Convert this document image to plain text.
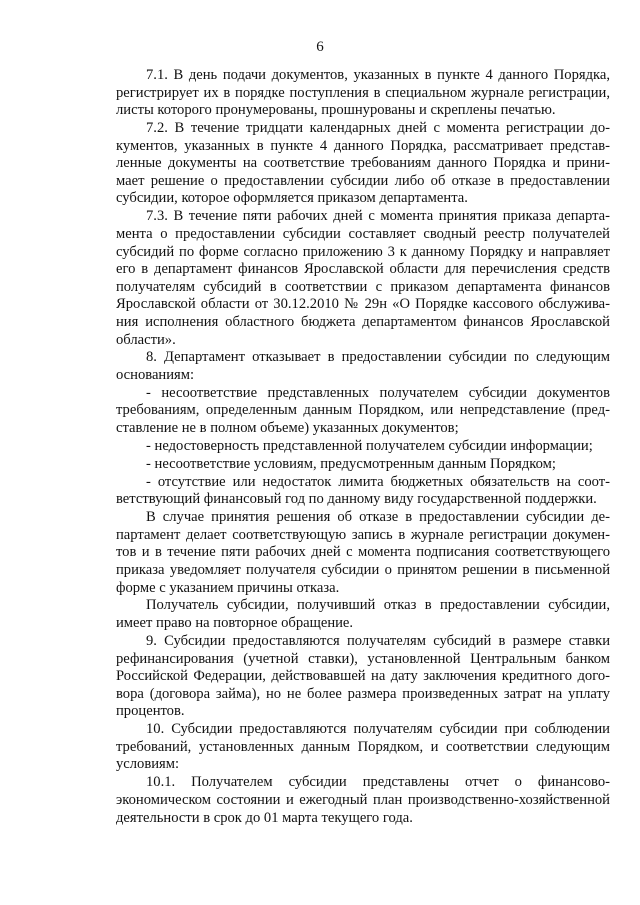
6

7.1. В день подачи документов, указанных в пункте 4 данного Порядка, регистрирует их в порядке поступления в специальном журнале регистрации, листы которого пронумерованы, прошнурованы и скреплены печатью.

7.2. В течение тридцати календарных дней с момента регистрации документов, указанных в пункте 4 данного Порядка, рассматривает представленные документы на соответствие требованиям данного Порядка и принимает решение о предоставлении субсидии либо об отказе в предоставлении субсидии, которое оформляется приказом департамента.

7.3. В течение пяти рабочих дней с момента принятия приказа департамента о предоставлении субсидии составляет сводный реестр получателей субсидий по форме согласно приложению 3 к данному Порядку и направляет его в департамент финансов Ярославской области для перечисления средств получателям субсидий в соответствии с приказом департамента финансов Ярославской области от 30.12.2010 № 29н «О Порядке кассового обслуживания исполнения областного бюджета департаментом финансов Ярославской области».

8. Департамент отказывает в предоставлении субсидии по следующим основаниям:

- несоответствие представленных получателем субсидии документов требованиям, определенным данным Порядком, или непредставление (представление не в полном объеме) указанных документов;

- недостоверность представленной получателем субсидии информации;

- несоответствие условиям, предусмотренным данным Порядком;

- отсутствие или недостаток лимита бюджетных обязательств на соответствующий финансовый год по данному виду государственной поддержки.

В случае принятия решения об отказе в предоставлении субсидии департамент делает соответствующую запись в журнале регистрации документов и в течение пяти рабочих дней с момента подписания соответствующего приказа уведомляет получателя субсидии о принятом решении в письменной форме с указанием причины отказа.

Получатель субсидии, получивший отказ в предоставлении субсидии, имеет право на повторное обращение.

9. Субсидии предоставляются получателям субсидий в размере ставки рефинансирования (учетной ставки), установленной Центральным банком Российской Федерации, действовавшей на дату заключения кредитного договора (договора займа), но не более размера произведенных затрат на уплату процентов.

10. Субсидии предоставляются получателям субсидии при соблюдении требований, установленных данным Порядком, и соответствии следующим условиям:

10.1. Получателем субсидии представлены отчет о финансово-экономическом состоянии и ежегодный план производственно-хозяйственной деятельности в срок до 01 марта текущего года.
